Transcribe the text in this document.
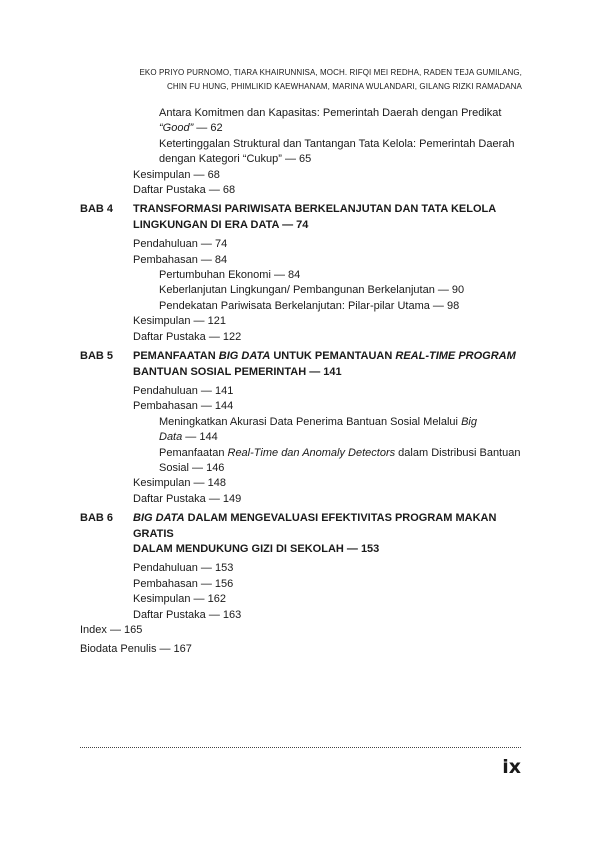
EKO PRIYO PURNOMO, TIARA KHAIRUNNISA, MOCH. RIFQI MEI REDHA, RADEN TEJA GUMILANG,
CHIN FU HUNG, PHIMLIKID KAEWHANAM, MARINA WULANDARI, GILANG RIZKI RAMADANA
Antara Komitmen dan Kapasitas: Pemerintah Daerah dengan Predikat
“Good” — 62
Ketertinggalan Struktural dan Tantangan Tata Kelola: Pemerintah Daerah
dengan Kategori “Cukup” — 65
Kesimpulan — 68
Daftar Pustaka — 68
BAB 4	TRANSFORMASI PARIWISATA BERKELANJUTAN DAN TATA KELOLA
LINGKUNGAN DI ERA DATA — 74
Pendahuluan — 74
Pembahasan — 84
Pertumbuhan Ekonomi — 84
Keberlanjutan Lingkungan/ Pembangunan Berkelanjutan — 90
Pendekatan Pariwisata Berkelanjutan: Pilar-pilar Utama — 98
Kesimpulan — 121
Daftar Pustaka — 122
BAB 5	PEMANFAATAN BIG DATA UNTUK PEMANTAUAN REAL-TIME PROGRAM
BANTUAN SOSIAL PEMERINTAH — 141
Pendahuluan — 141
Pembahasan — 144
Meningkatkan Akurasi Data Penerima Bantuan Sosial Melalui Big
Data — 144
Pemanfaatan Real-Time dan Anomaly Detectors dalam Distribusi Bantuan
Sosial — 146
Kesimpulan — 148
Daftar Pustaka — 149
BAB 6	BIG DATA DALAM MENGEVALUASI EFEKTIVITAS PROGRAM MAKAN GRATIS
DALAM MENDUKUNG GIZI DI SEKOLAH — 153
Pendahuluan — 153
Pembahasan — 156
Kesimpulan — 162
Daftar Pustaka — 163
Index — 165
Biodata Penulis — 167
ix
